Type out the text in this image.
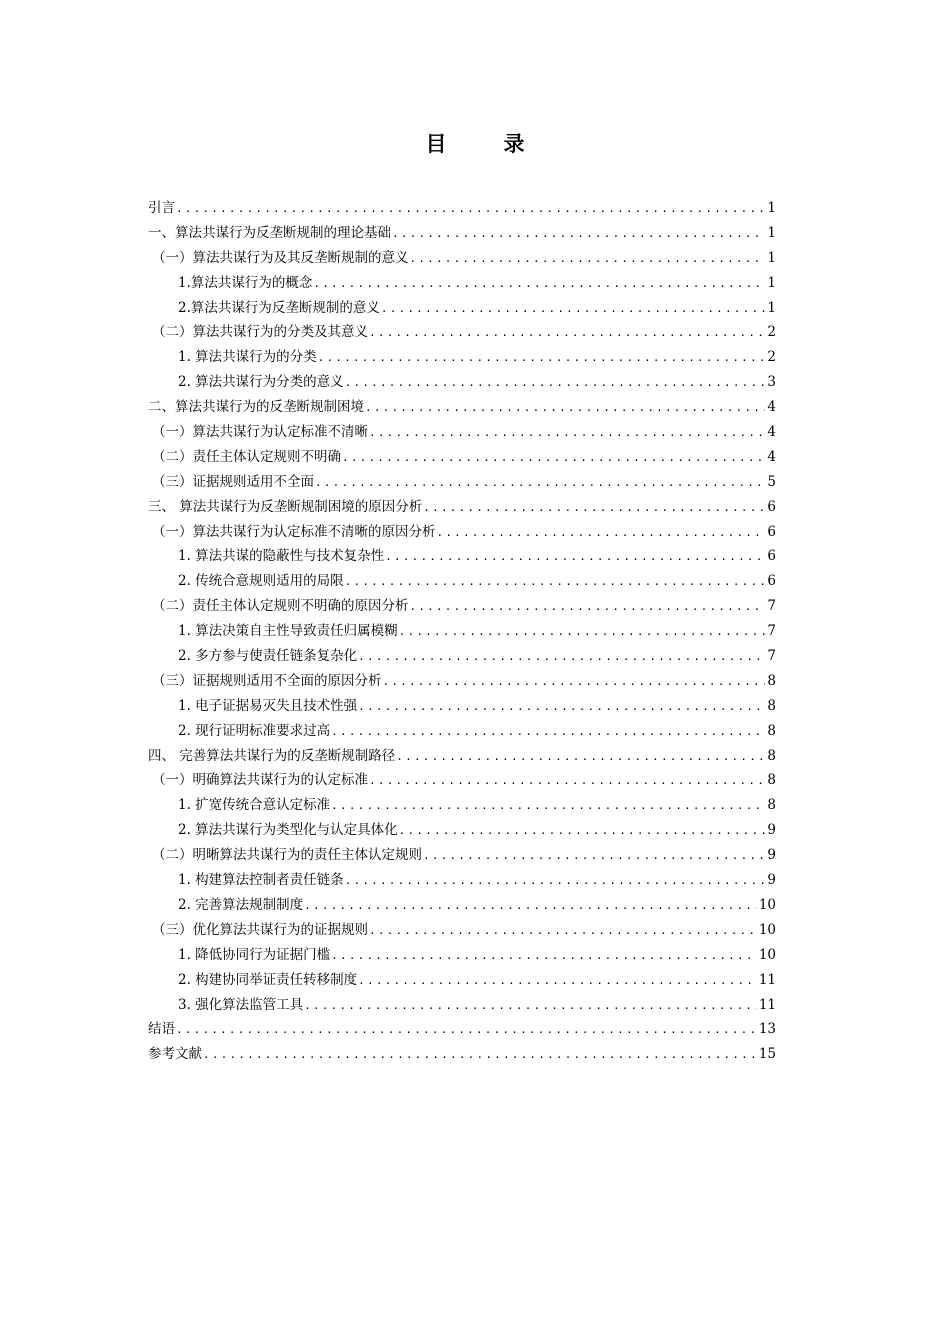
目　录
引言 .....	1
一、算法共谋行为反垄断规制的理论基础 .....	1
（一）算法共谋行为及其反垄断规制的意义 .....	1
1.算法共谋行为的概念 .....	1
2.算法共谋行为反垄断规制的意义 .....	1
（二）算法共谋行为的分类及其意义 .....	2
1. 算法共谋行为的分类 .....	2
2. 算法共谋行为分类的意义 .....	3
二、算法共谋行为的反垄断规制困境 .....	4
（一）算法共谋行为认定标准不清晰 .....	4
（二）责任主体认定规则不明确 .....	4
（三）证据规则适用不全面 .....	5
三、 算法共谋行为反垄断规制困境的原因分析 .....	6
（一）算法共谋行为认定标准不清晰的原因分析 .....	6
1. 算法共谋的隐蔽性与技术复杂性 .....	6
2. 传统合意规则适用的局限 .....	6
（二）责任主体认定规则不明确的原因分析 .....	7
1. 算法决策自主性导致责任归属模糊 .....	7
2. 多方参与使责任链条复杂化 .....	7
（三）证据规则适用不全面的原因分析 .....	8
1. 电子证据易灭失且技术性强 .....	8
2. 现行证明标准要求过高 .....	8
四、 完善算法共谋行为的反垄断规制路径 .....	8
（一）明确算法共谋行为的认定标准 .....	8
1. 扩宽传统合意认定标准 .....	8
2. 算法共谋行为类型化与认定具体化 .....	9
（二）明晰算法共谋行为的责任主体认定规则 .....	9
1. 构建算法控制者责任链条 .....	9
2. 完善算法规制制度 .....	10
（三）优化算法共谋行为的证据规则 .....	10
1. 降低协同行为证据门槛 .....	10
2. 构建协同举证责任转移制度 .....	11
3. 强化算法监管工具 .....	11
结语 .....	13
参考文献 .....	15
